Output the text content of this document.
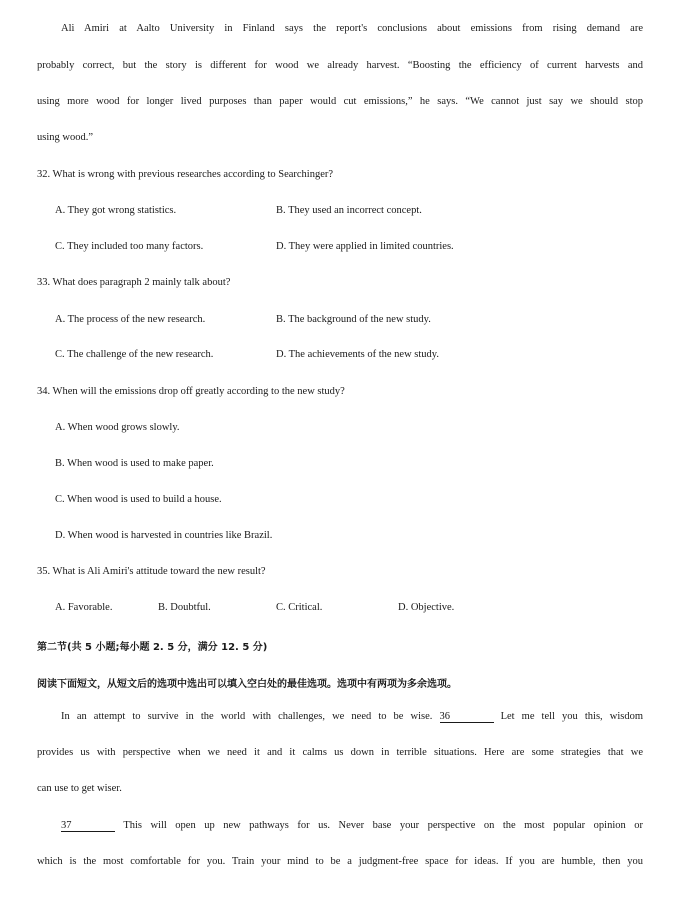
Ali Amiri at Aalto University in Finland says the report's conclusions about emissions from rising demand are
probably correct, but the story is different for wood we already harvest. “Boosting the efficiency of current harvests and
using more wood for longer lived purposes than paper would cut emissions,” he says. “We cannot just say we should stop
using wood.”
32. What is wrong with previous researches according to Searchinger?
A. They got wrong statistics.	B. They used an incorrect concept.
C. They included too many factors.	D. They were applied in limited countries.
33. What does paragraph 2 mainly talk about?
A. The process of the new research.	B. The background of the new study.
C. The challenge of the new research.	D. The achievements of the new study.
34. When will the emissions drop off greatly according to the new study?
A. When wood grows slowly.
B. When wood is used to make paper.
C. When wood is used to build a house.
D. When wood is harvested in countries like Brazil.
35. What is Ali Amiri's attitude toward the new result?
A. Favorable.	B. Doubtful.	C. Critical.	D. Objective.
第二节(共 5 小题;每小题 2. 5 分，满分 12. 5 分)
阅读下面短文，从短文后的选项中选出可以填入空白处的最佳选项。选项中有两项为多余选项。
In an attempt to survive in the world with challenges, we need to be wise. 36	Let me tell you this, wisdom
provides us with perspective when we need it and it calms us down in terrible situations. Here are some strategies that we
can use to get wiser.
37	This will open up new pathways for us. Never base your perspective on the most popular opinion or
which is the most comfortable for you. Train your mind to be a judgment-free space for ideas. If you are humble, then you
